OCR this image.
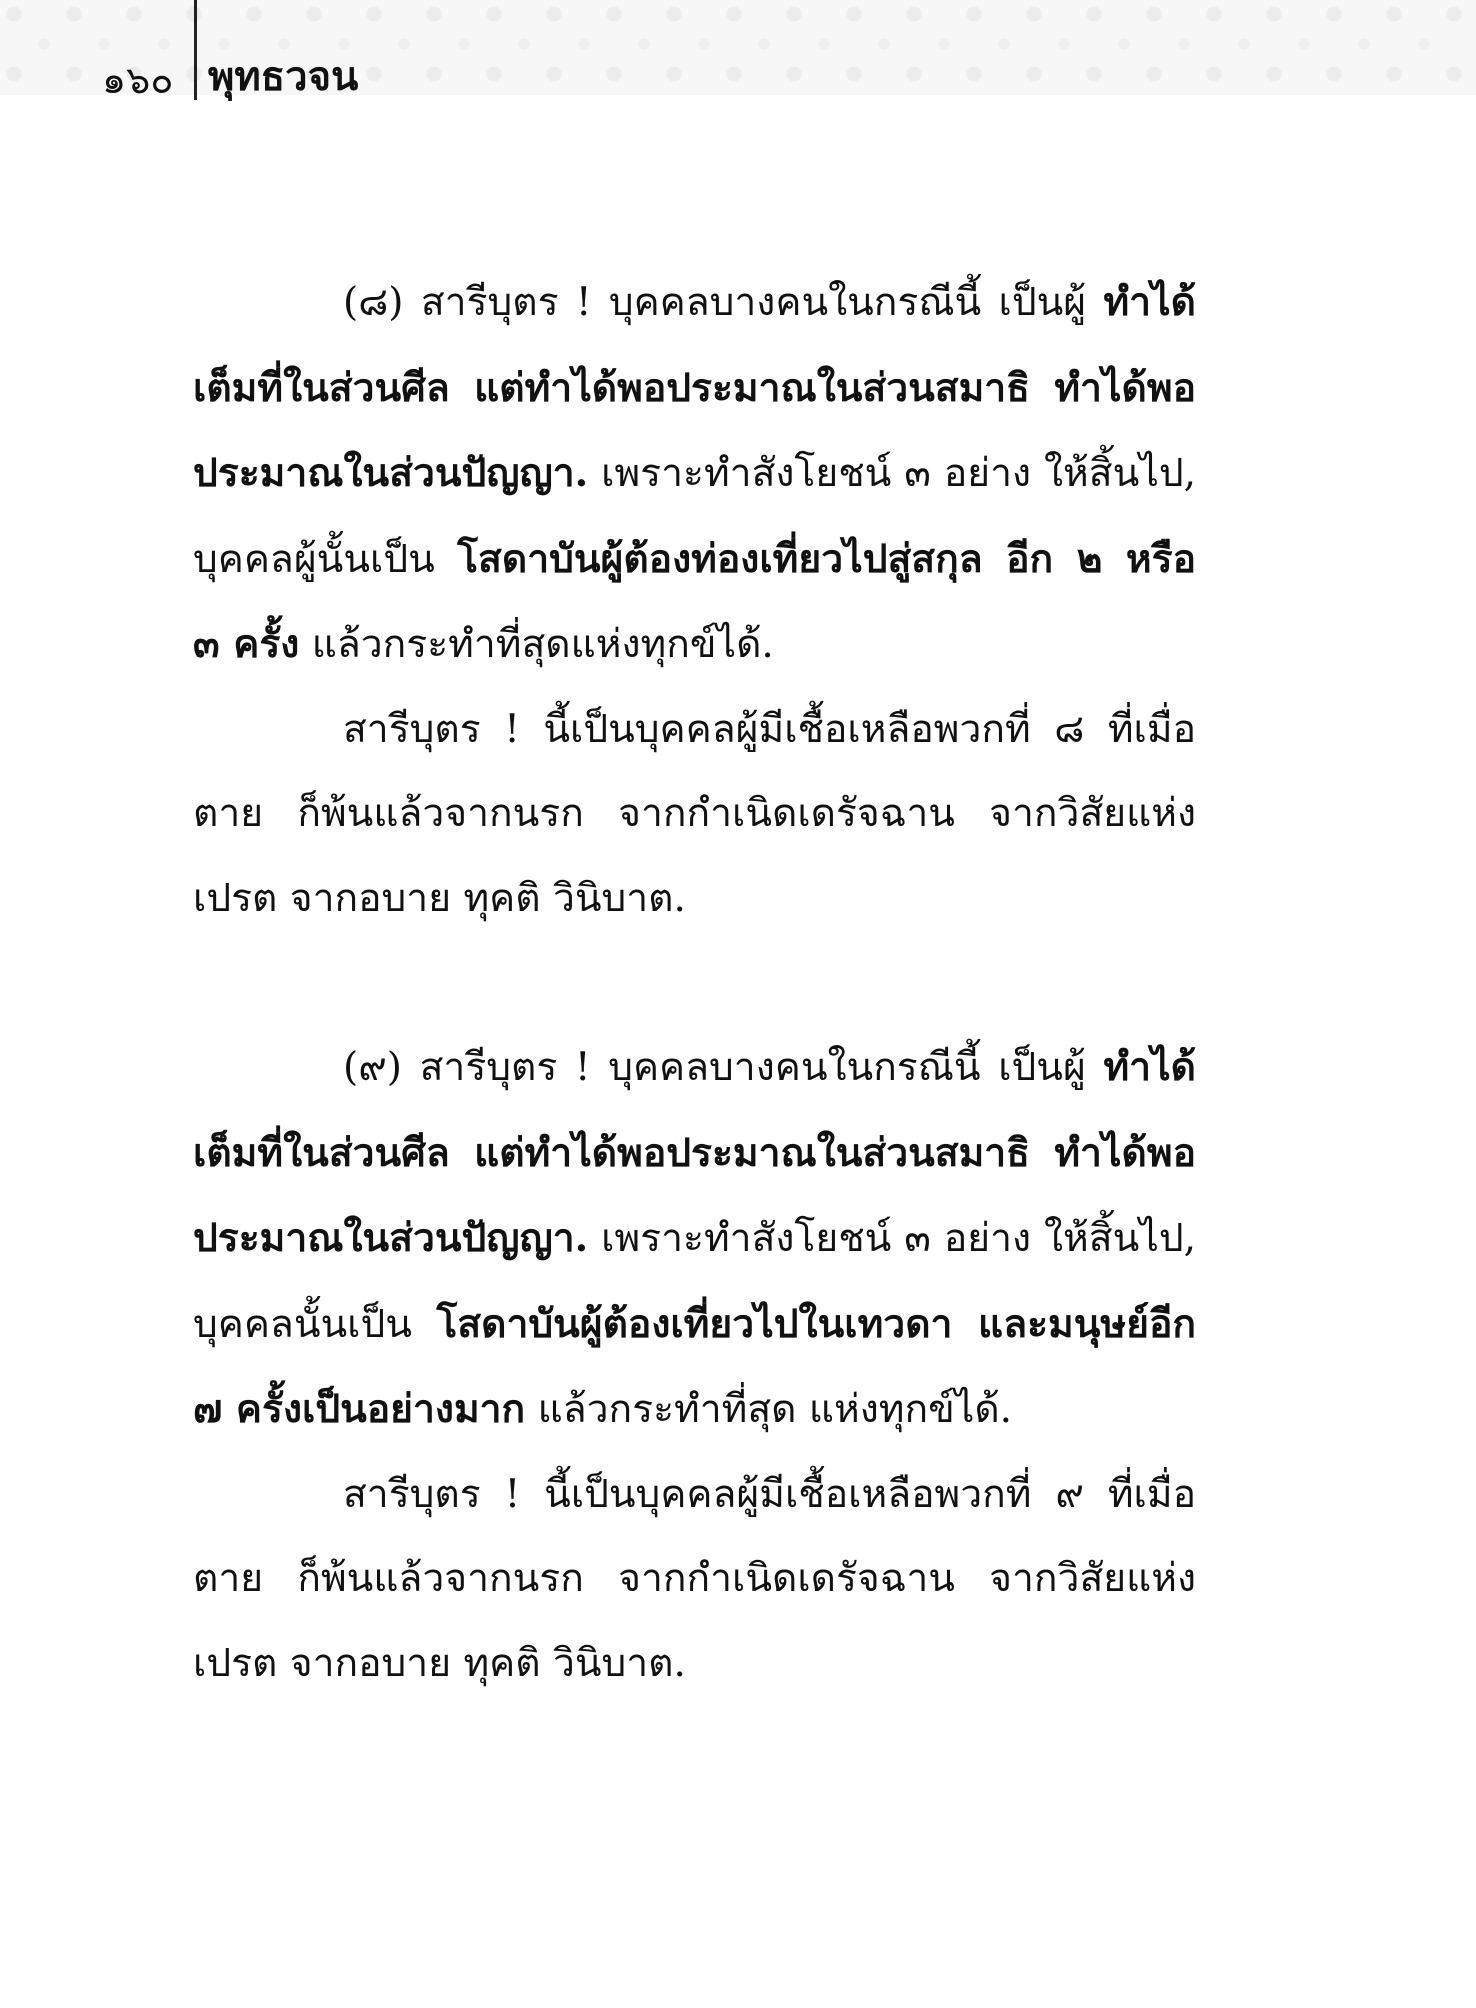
๑๖๐ พุทธวจน

(๘) สารีบุตร ! บุคคลบางคนในกรณีนี้ เป็นผู้ ทำได้เต็มที่ในส่วนศีล แต่ทำได้พอประมาณในส่วนสมาธิ ทำได้พอประมาณในส่วนปัญญา. เพราะทำสังโยชน์ ๓ อย่าง ให้สิ้นไป, บุคคลผู้นั้นเป็น โสดาบันผู้ต้องท่องเที่ยวไปสู่สกุล อีก ๒ หรือ ๓ ครั้ง แล้วกระทำที่สุดแห่งทุกข์ได้.

สารีบุตร ! นี้เป็นบุคคลผู้มีเชื้อเหลือพวกที่ ๘ ที่เมื่อตาย ก็พ้นแล้วจากนรก จากกำเนิดเดรัจฉาน จากวิสัยแห่งเปรต จากอบาย ทุคติ วินิบาต.

(๙) สารีบุตร ! บุคคลบางคนในกรณีนี้ เป็นผู้ ทำได้เต็มที่ในส่วนศีล แต่ทำได้พอประมาณในส่วนสมาธิ ทำได้พอประมาณในส่วนปัญญา. เพราะทำสังโยชน์ ๓ อย่าง ให้สิ้นไป, บุคคลนั้นเป็น โสดาบันผู้ต้องเที่ยวไปในเทวดา และมนุษย์อีก ๗ ครั้งเป็นอย่างมาก แล้วกระทำที่สุด แห่งทุกข์ได้.

สารีบุตร ! นี้เป็นบุคคลผู้มีเชื้อเหลือพวกที่ ๙ ที่เมื่อตาย ก็พ้นแล้วจากนรก จากกำเนิดเดรัจฉาน จากวิสัยแห่งเปรต จากอบาย ทุคติ วินิบาต.
